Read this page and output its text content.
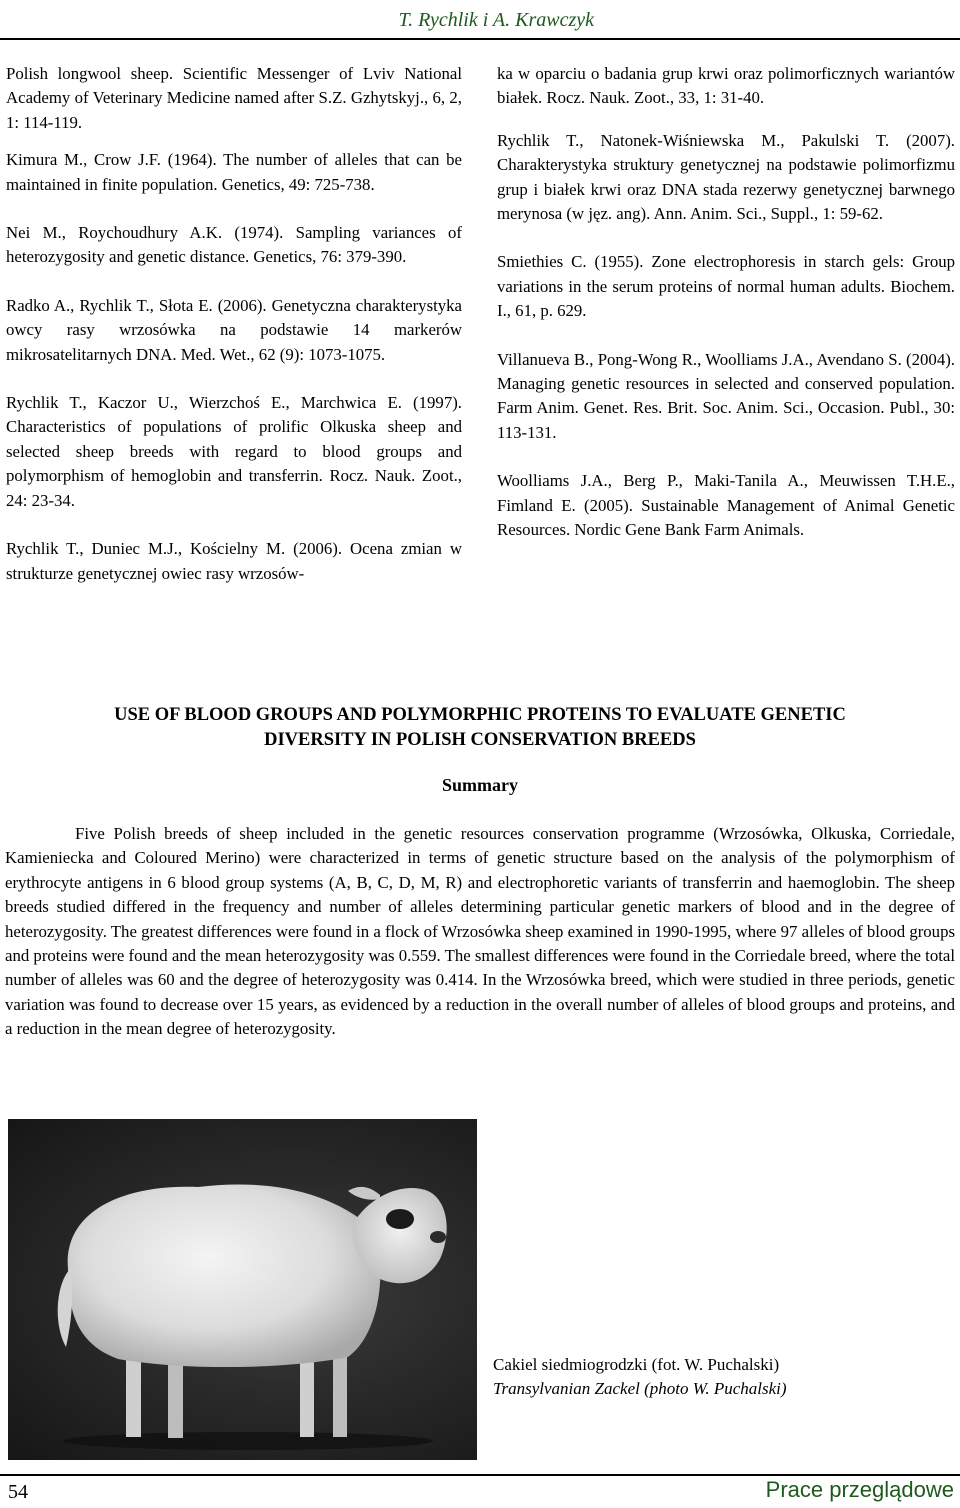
T. Rychlik i A. Krawczyk

Polish longwool sheep. Scientific Messenger of Lviv National Academy of Veterinary Medicine named after S.Z. Gzhytskyj., 6, 2, 1: 114-119.

Kimura M., Crow J.F. (1964). The number of alleles that can be maintained in finite population. Genetics, 49: 725-738.

Nei M., Roychoudhury A.K. (1974). Sampling variances of heterozygosity and genetic distance. Genetics, 76: 379-390.

Radko A., Rychlik T., Słota E. (2006). Genetyczna charakterystyka owcy rasy wrzosówka na podstawie 14 markerów mikrosatelitarnych DNA. Med. Wet., 62 (9): 1073-1075.

Rychlik T., Kaczor U., Wierzchoś E., Marchwica E. (1997). Characteristics of populations of prolific Olkuska sheep and selected sheep breeds with regard to blood groups and polymorphism of hemoglobin and transferrin. Rocz. Nauk. Zoot., 24: 23-34.

Rychlik T., Duniec M.J., Kościelny M. (2006). Ocena zmian w strukturze genetycznej owiec rasy wrzosów-

ka w oparciu o badania grup krwi oraz polimorficznych wariantów białek. Rocz. Nauk. Zoot., 33, 1: 31-40.

Rychlik T., Natonek-Wiśniewska M., Pakulski T. (2007). Charakterystyka struktury genetycznej na podstawie polimorfizmu grup i białek krwi oraz DNA stada rezerwy genetycznej barwnego merynosa (w jęz. ang). Ann. Anim. Sci., Suppl., 1: 59-62.

Smiethies C. (1955). Zone electrophoresis in starch gels: Group variations in the serum proteins of normal human adults. Biochem. I., 61, p. 629.

Villanueva B., Pong-Wong R., Woolliams J.A., Avendano S. (2004). Managing genetic resources in selected and conserved population. Farm Anim. Genet. Res. Brit. Soc. Anim. Sci., Occasion. Publ., 30: 113-131.

Woolliams J.A., Berg P., Maki-Tanila A., Meuwissen T.H.E., Fimland E. (2005). Sustainable Management of Animal Genetic Resources. Nordic Gene Bank Farm Animals.

USE OF BLOOD GROUPS AND POLYMORPHIC PROTEINS TO EVALUATE GENETIC
DIVERSITY IN POLISH CONSERVATION BREEDS
Summary

Five Polish breeds of sheep included in the genetic resources conservation programme (Wrzosówka, Olkuska, Corriedale, Kamieniecka and Coloured Merino) were characterized in terms of genetic structure based on the analysis of the polymorphism of erythrocyte antigens in 6 blood group systems (A, B, C, D, M, R) and electrophoretic variants of transferrin and haemoglobin. The sheep breeds studied differed in the frequency and number of alleles determining particular genetic markers of blood and in the degree of heterozygosity. The greatest differences were found in a flock of Wrzosówka sheep examined in 1990-1995, where 97 alleles of blood groups and proteins were found and the mean heterozygosity was 0.559. The smallest differences were found in the Corriedale breed, where the total number of alleles was 60 and the degree of heterozygosity was 0.414. In the Wrzosówka breed, which were studied in three periods, genetic variation was found to decrease over 15 years, as evidenced by a reduction in the overall number of alleles of blood groups and proteins, and a reduction in the mean degree of heterozygosity.

Cakiel siedmiogrodzki (fot. W. Puchalski)
Transylvanian Zackel (photo W. Puchalski)
54	Prace przeglądowe
